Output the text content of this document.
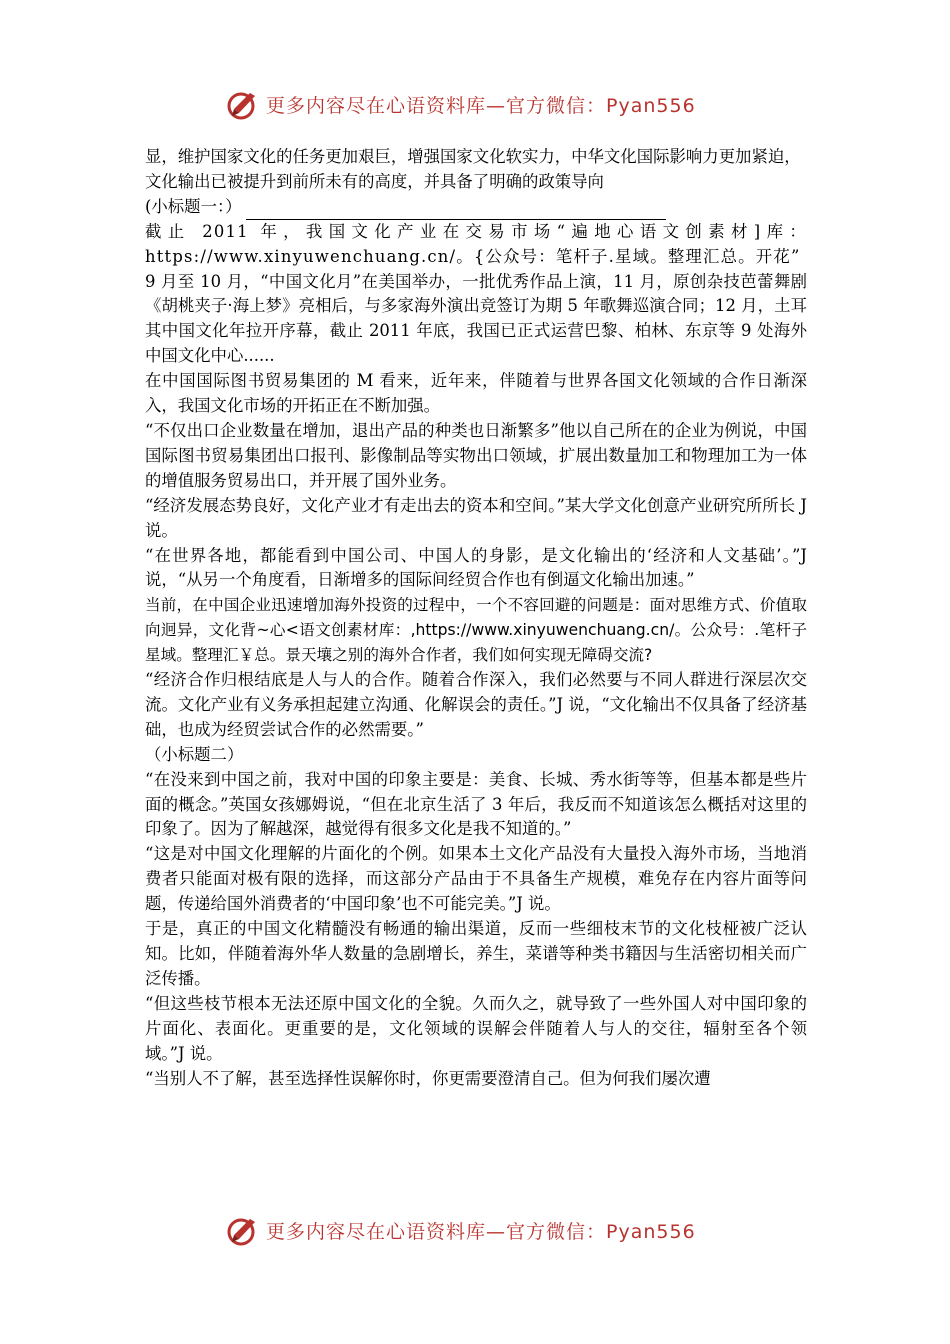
更多内容尽在心语资料库—官方微信：Pyan556

显，维护国家文化的任务更加艰巨，增强国家文化软实力，中华文化国际影响力更加紧迫，

文化输出已被提升到前所未有的高度，并具备了明确的政策导向

(小标题一：）

截止 2011 年，我国文化产业在交易市场“遍地心语文创素材]库：https://www.xinyuwenchuang.cn/。{公众号：笔杆子.星域。整理汇总。开花”

9 月至 10 月，“中国文化月”在美国举办，一批优秀作品上演，11 月，原创杂技芭蕾舞剧《胡桃夹子·海上梦》亮相后，与多家海外演出竞签订为期 5 年歌舞巡演合同；12 月，土耳其中国文化年拉开序幕，截止 2011 年底，我国已正式运营巴黎、柏林、东京等 9 处海外中国文化中心......

在中国国际图书贸易集团的 M 看来，近年来，伴随着与世界各国文化领域的合作日渐深入，我国文化市场的开拓正在不断加强。

“不仅出口企业数量在增加，退出产品的种类也日渐繁多”他以自己所在的企业为例说，中国国际图书贸易集团出口报刊、影像制品等实物出口领域，扩展出数量加工和物理加工为一体的增值服务贸易出口，并开展了国外业务。

“经济发展态势良好，文化产业才有走出去的资本和空间。”某大学文化创意产业研究所所长 J 说。

“在世界各地，都能看到中国公司、中国人的身影，是文化输出的‘经济和人文基础’。”J 说，“从另一个角度看，日渐增多的国际间经贸合作也有倒逼文化输出加速。”

当前，在中国企业迅速增加海外投资的过程中，一个不容回避的问题是：面对思维方式、价值取向迥异，文化背~心<语文创素材库：,https://www.xinyuwenchuang.cn/。公众号：.笔杆子星域。整理汇￥总。景天壤之别的海外合作者，我们如何实现无障碍交流?

“经济合作归根结底是人与人的合作。随着合作深入，我们必然要与不同人群进行深层次交流。文化产业有义务承担起建立沟通、化解误会的责任。”J 说，“文化输出不仅具备了经济基础，也成为经贸尝试合作的必然需要。”

（小标题二）

“在没来到中国之前，我对中国的印象主要是：美食、长城、秀水街等等，但基本都是些片面的概念。”英国女孩娜姆说，“但在北京生活了 3 年后，我反而不知道该怎么概括对这里的印象了。因为了解越深，越觉得有很多文化是我不知道的。”

“这是对中国文化理解的片面化的个例。如果本土文化产品没有大量投入海外市场，当地消费者只能面对极有限的选择，而这部分产品由于不具备生产规模，难免存在内容片面等问题，传递给国外消费者的‘中国印象’也不可能完美。”J 说。

于是，真正的中国文化精髓没有畅通的输出渠道，反而一些细枝末节的文化枝桠被广泛认知。比如，伴随着海外华人数量的急剧增长，养生，菜谱等种类书籍因与生活密切相关而广泛传播。

“但这些枝节根本无法还原中国文化的全貌。久而久之，就导致了一些外国人对中国印象的片面化、表面化。更重要的是，文化领域的误解会伴随着人与人的交往，辐射至各个领域。”J 说。

“当别人不了解，甚至选择性误解你时，你更需要澄清自己。但为何我们屡次遭

更多内容尽在心语资料库—官方微信：Pyan556
